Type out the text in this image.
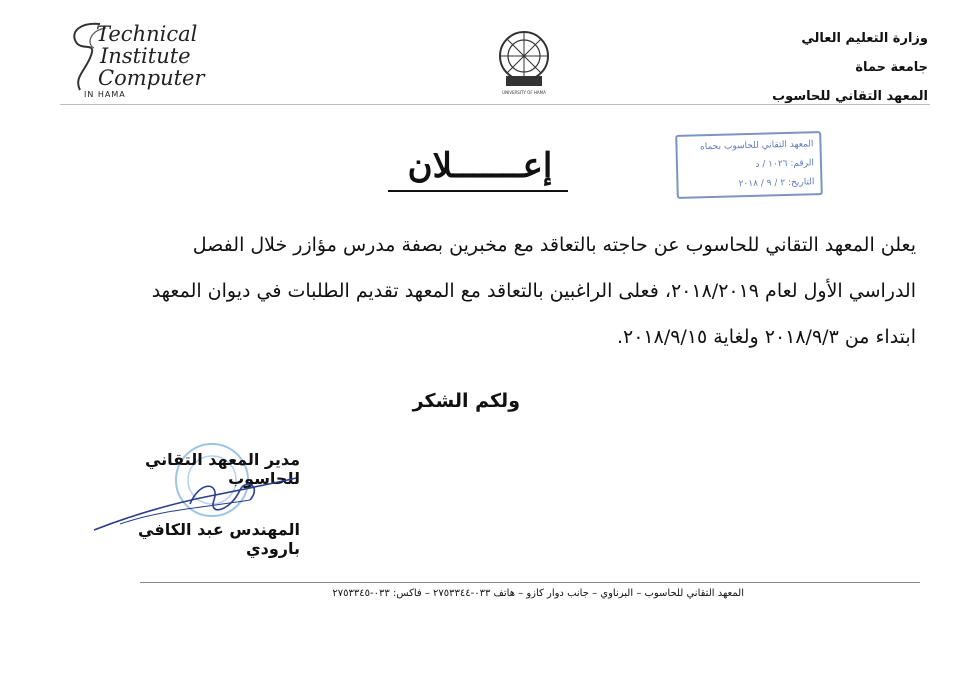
Technical
Institute
Computer
IN HAMA	UNIVERSITY OF HAMA
وزارة التعليم العالي
جامعة حماة
المعهد التقاني للحاسوب
المعهد التقاني للحاسوب بحماه
الرقم: ١٠٢٦ / د
التاريخ: ٢ / ٩ / ٢٠١٨
إعـــــــلان
يعلن المعهد التقاني للحاسوب عن حاجته بالتعاقد مع مخبرين بصفة مدرس مؤازر خلال الفصل
الدراسي الأول لعام ٢٠١٨/٢٠١٩، فعلى الراغبين بالتعاقد مع المعهد تقديم الطلبات في ديوان المعهد
ابتداء من ٢٠١٨/٩/٣ ولغاية ٢٠١٨/٩/١٥.
ولكم الشكر
مدير المعهد التقاني للحاسوب
المهندس عبد الكافي بارودي
المعهد التقاني للحاسوب – البرناوي – جانب دوار كازو – هاتف ٠٣٣-٢٧٥٣٣٤٤ – فاكس: ٠٣٣-٢٧٥٣٣٤٥
